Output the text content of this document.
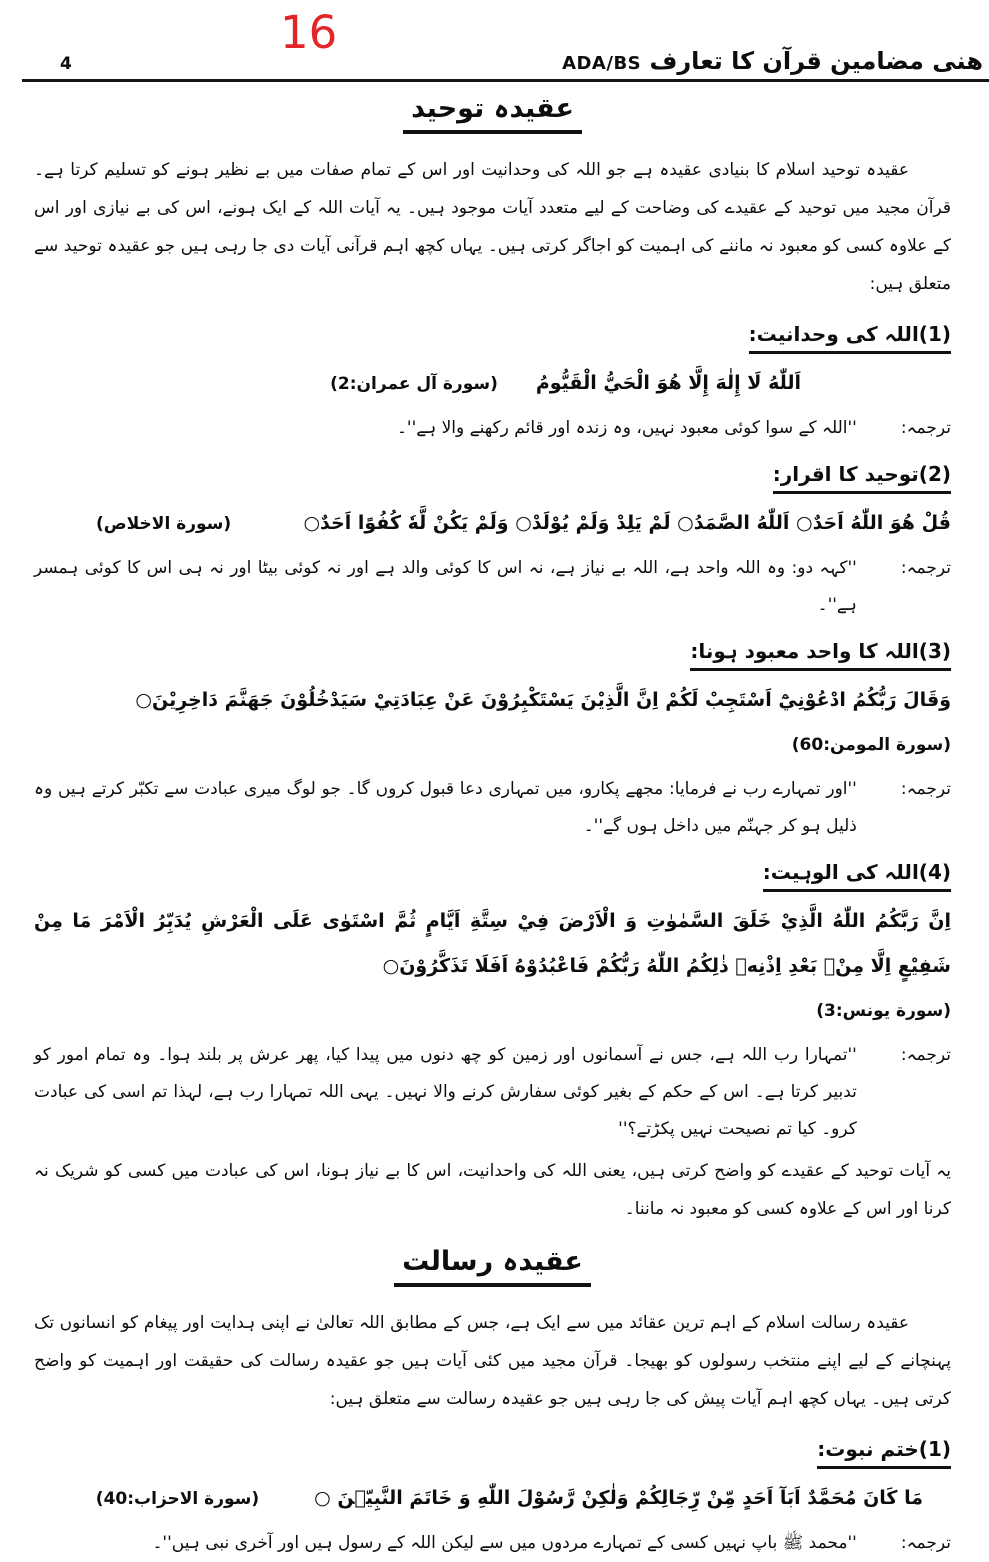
4
16
ھنی مضامین قرآن کا تعارف ADA/BS
عقیدہ توحید

عقیدہ توحید اسلام کا بنیادی عقیدہ ہے جو اللہ کی وحدانیت اور اس کے تمام صفات میں بے نظیر ہونے کو تسلیم کرتا ہے۔ قرآن مجید میں توحید کے عقیدے کی وضاحت کے لیے متعدد آیات موجود ہیں۔ یہ آیات اللہ کے ایک ہونے، اس کی بے نیازی اور اس کے علاوہ کسی کو معبود نہ ماننے کی اہمیت کو اجاگر کرتی ہیں۔ یہاں کچھ اہم قرآنی آیات دی جا رہی ہیں جو عقیدہ توحید سے متعلق ہیں:

(1)اللہ کی وحدانیت:
اَللّٰهُ لَا إِلٰهَ إِلَّا هُوَ الْحَيُّ الْقَيُّومُ
(سورة آل عمران:2)
ترجمہ:
''اللہ کے سوا کوئی معبود نہیں، وہ زندہ اور قائم رکھنے والا ہے''۔
(2)توحید کا اقرار:
قُلْ هُوَ اللّٰهُ اَحَدٌ○ اَللّٰهُ الصَّمَدُ○ لَمْ يَلِدْ وَلَمْ يُوْلَدْ○ وَلَمْ يَكُنْ لَّهٗ كُفُوًا اَحَدٌ○
(سورة الاخلاص)
ترجمہ:
''کہہ دو: وہ اللہ واحد ہے، اللہ بے نیاز ہے، نہ اس کا کوئی والد ہے اور نہ کوئی بیٹا اور نہ ہی اس کا کوئی ہمسر ہے''۔
(3)اللہ کا واحد معبود ہونا:
وَقَالَ رَبُّكُمُ ادْعُوْنِيْٓ اَسْتَجِبْ لَكُمْ اِنَّ الَّذِيْنَ يَسْتَكْبِرُوْنَ عَنْ عِبَادَتِيْ سَيَدْخُلُوْنَ جَهَنَّمَ دَاخِرِيْنَ○
(سورة المومن:60)
ترجمہ:
''اور تمہارے رب نے فرمایا: مجھے پکارو، میں تمہاری دعا قبول کروں گا۔ جو لوگ میری عبادت سے تکبّر کرتے ہیں وہ ذلیل ہو کر جہنّم میں داخل ہوں گے''۔
(4)اللہ کی الوہیت:
اِنَّ رَبَّكُمُ اللّٰهُ الَّذِيْ خَلَقَ السَّمٰوٰتِ وَ الْاَرْضَ فِيْ سِتَّةِ اَيَّامٍ ثُمَّ اسْتَوٰى عَلَى الْعَرْشِ يُدَبِّرُ الْاَمْرَ مَا مِنْ شَفِيْعٍ اِلَّا مِنْۢ بَعْدِ اِذْنِهٖ ذٰلِكُمُ اللّٰهُ رَبُّكُمْ فَاعْبُدُوْهُ اَفَلَا تَذَكَّرُوْنَ○
(سورة یونس:3)
ترجمہ:
''تمہارا رب اللہ ہے، جس نے آسمانوں اور زمین کو چھ دنوں میں پیدا کیا، پھر عرش پر بلند ہوا۔ وہ تمام امور کو تدبیر کرتا ہے۔ اس کے حکم کے بغیر کوئی سفارش کرنے والا نہیں۔ یہی اللہ تمہارا رب ہے، لہذا تم اسی کی عبادت کرو۔ کیا تم نصیحت نہیں پکڑتے؟''

یہ آیات توحید کے عقیدے کو واضح کرتی ہیں، یعنی اللہ کی واحدانیت، اس کا بے نیاز ہونا، اس کی عبادت میں کسی کو شریک نہ کرنا اور اس کے علاوہ کسی کو معبود نہ ماننا۔

عقیدہ رسالت

عقیدہ رسالت اسلام کے اہم ترین عقائد میں سے ایک ہے، جس کے مطابق اللہ تعالیٰ نے اپنی ہدایت اور پیغام کو انسانوں تک پہنچانے کے لیے اپنے منتخب رسولوں کو بھیجا۔ قرآن مجید میں کئی آیات ہیں جو عقیدہ رسالت کی حقیقت اور اہمیت کو واضح کرتی ہیں۔ یہاں کچھ اہم آیات پیش کی جا رہی ہیں جو عقیدہ رسالت سے متعلق ہیں:

(1)ختم نبوت:
مَا كَانَ مُحَمَّدٌ اَبَآ اَحَدٍ مِّنْ رِّجَالِكُمْ وَلٰكِنْ رَّسُوْلَ اللّٰهِ وَ خَاتَمَ النَّبِيّٖنَ ○
(سورة الاحزاب:40)
ترجمہ:
''محمد ﷺ باپ نہیں کسی کے تمہارے مردوں میں سے لیکن اللہ کے رسول ہیں اور آخری نبی ہیں''۔
